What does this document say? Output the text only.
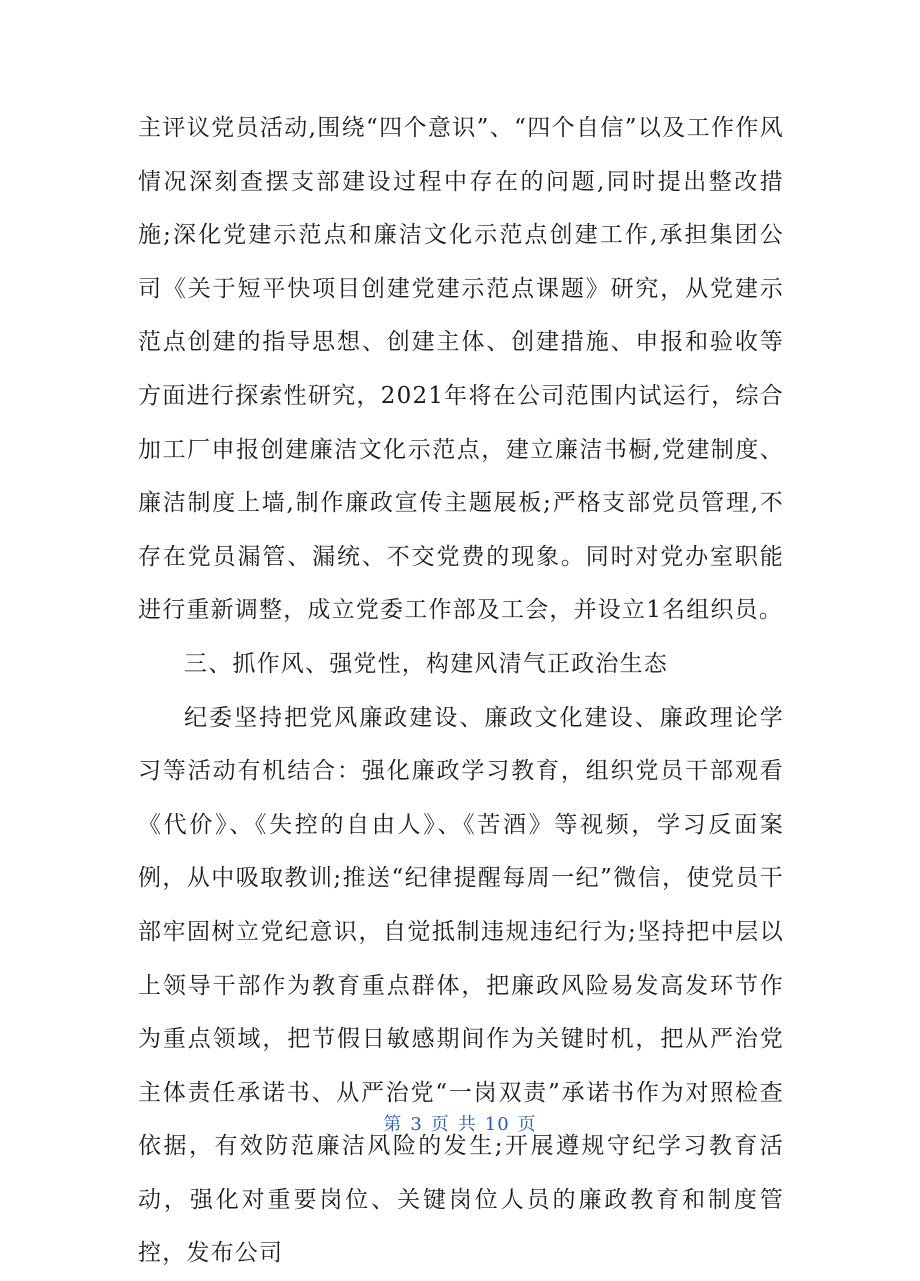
主评议党员活动,围绕“四个意识”、“四个自信”以及工作作风情况深刻查摆支部建设过程中存在的问题,同时提出整改措施;深化党建示范点和廉洁文化示范点创建工作,承担集团公司《关于短平快项目创建党建示范点课题》研究，从党建示范点创建的指导思想、创建主体、创建措施、申报和验收等方面进行探索性研究，2021年将在公司范围内试运行，综合加工厂申报创建廉洁文化示范点，建立廉洁书橱,党建制度、廉洁制度上墙,制作廉政宣传主题展板;严格支部党员管理,不存在党员漏管、漏统、不交党费的现象。同时对党办室职能进行重新调整，成立党委工作部及工会，并设立1名组织员。

三、抓作风、强党性，构建风清气正政治生态

纪委坚持把党风廉政建设、廉政文化建设、廉政理论学习等活动有机结合：强化廉政学习教育，组织党员干部观看《代价》、《失控的自由人》、《苦酒》等视频，学习反面案例，从中吸取教训;推送“纪律提醒每周一纪”微信，使党员干部牢固树立党纪意识，自觉抵制违规违纪行为;坚持把中层以上领导干部作为教育重点群体，把廉政风险易发高发环节作为重点领域，把节假日敏感期间作为关键时机，把从严治党主体责任承诺书、从严治党“一岗双责”承诺书作为对照检查依据，有效防范廉洁风险的发生;开展遵规守纪学习教育活动，强化对重要岗位、关键岗位人员的廉政教育和制度管控，发布公司

第 3 页 共 10 页
